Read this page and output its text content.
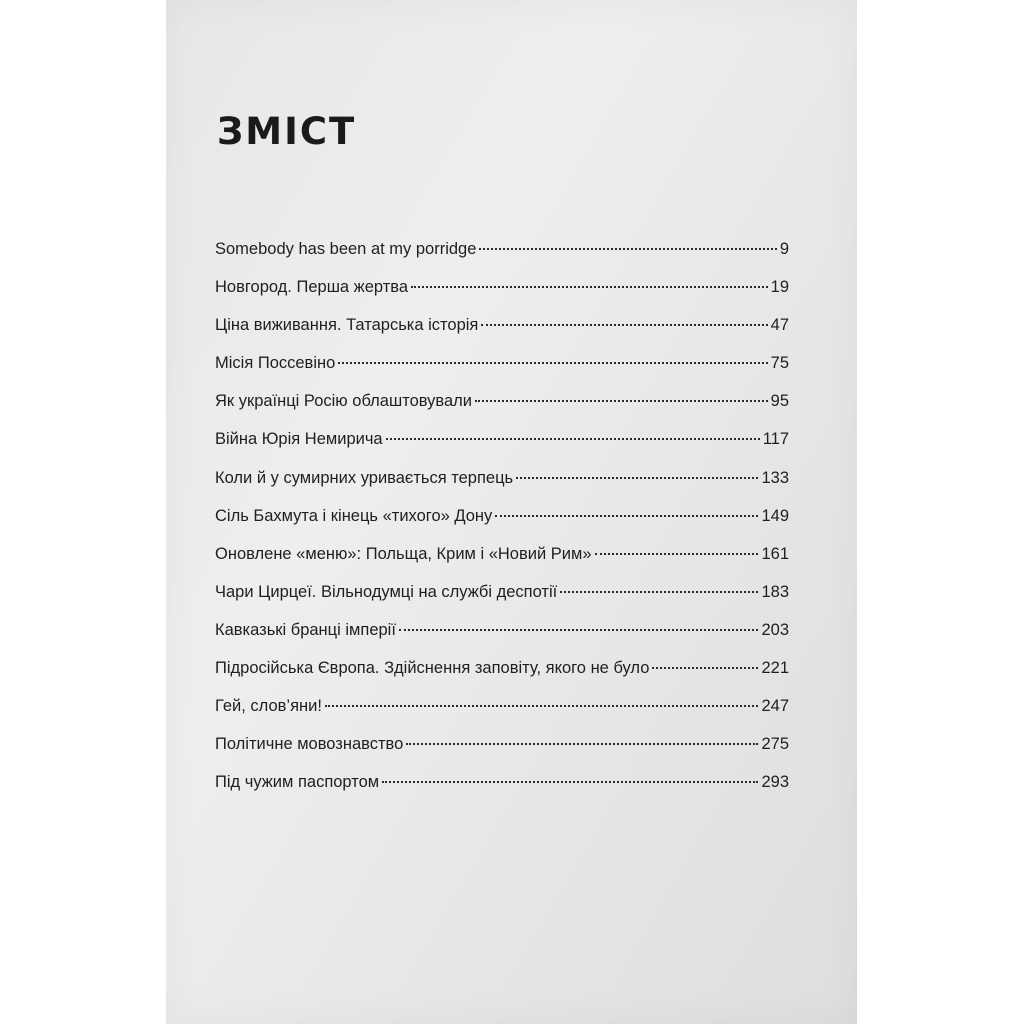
ЗМІСТ
Somebody has been at my porridge	9
Новгород. Перша жертва	19
Ціна виживання. Татарська історія	47
Місія Поссевіно	75
Як українці Росію облаштовували	95
Війна Юрія Немирича	117
Коли й у сумирних уривається терпець	133
Сіль Бахмута і кінець «тихого» Дону	149
Оновлене «меню»: Польща, Крим і «Новий Рим»	161
Чари Цирцеї. Вільнодумці на службі деспотії	183
Кавказькі бранці імперії	203
Підросійська Європа. Здійснення заповіту, якого не було	221
Гей, слов’яни!	247
Політичне мовознавство	275
Під чужим паспортом	293
